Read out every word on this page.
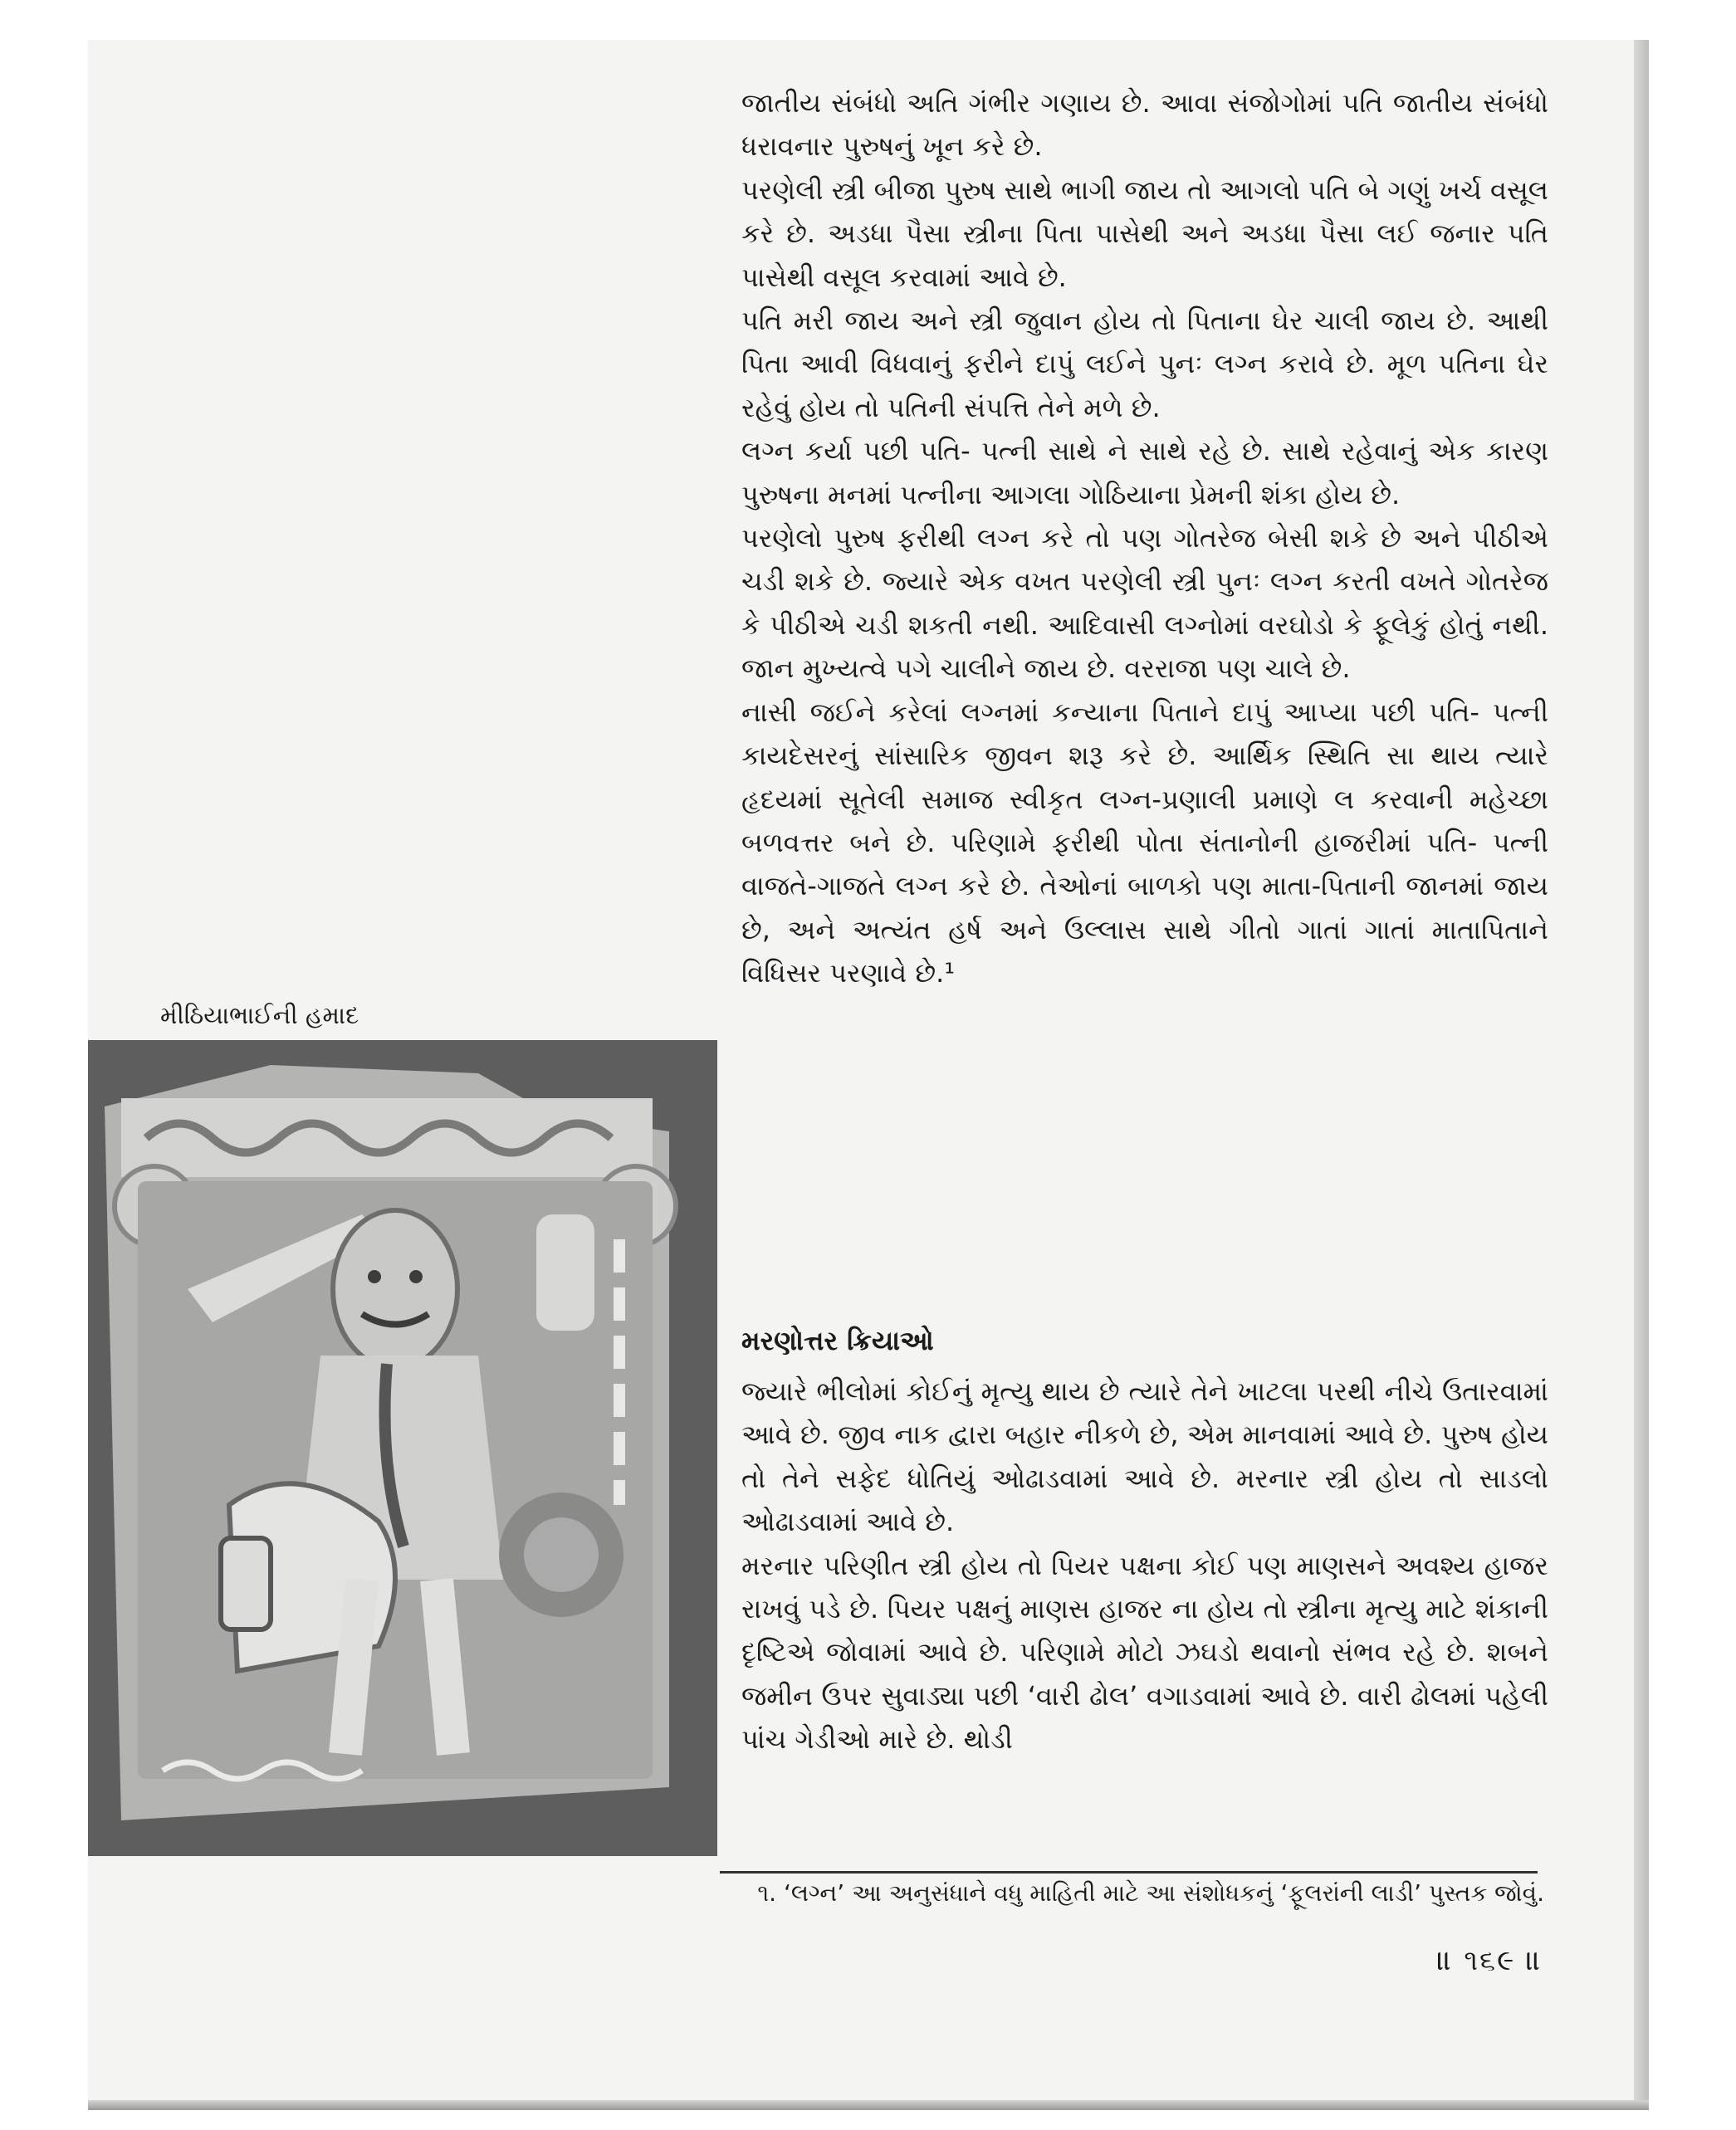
જાતીય સંબંધો અતિ ગંભીર ગણાય છે. આવા સંજોગોમાં પતિ જાતીય સંબંધો ધરાવનાર પુરુષનું ખૂન કરે છે.

પરણેલી સ્ત્રી બીજા પુરુષ સાથે ભાગી જાય તો આગલો પતિ બે ગણું ખર્ચ વસૂલ કરે છે. અડધા પૈસા સ્ત્રીના પિતા પાસેથી અને અડધા પૈસા લઈ જનાર પતિ પાસેથી વસૂલ કરવામાં આવે છે.

પતિ મરી જાય અને સ્ત્રી જુવાન હોય તો પિતાના ઘેર ચાલી જાય છે. આથી પિતા આવી વિધવાનું ફરીને દાપું લઈને પુનઃ લગ્ન કરાવે છે. મૂળ પતિના ઘેર રહેવું હોય તો પતિની સંપત્તિ તેને મળે છે.

લગ્ન કર્યા પછી પતિ- પત્ની સાથે ને સાથે રહે છે. સાથે રહેવાનું એક કારણ પુરુષના મનમાં પત્નીના આગલા ગોઠિયાના પ્રેમની શંકા હોય છે.

પરણેલો પુરુષ ફરીથી લગ્ન કરે તો પણ ગોતરેજ બેસી શકે છે અને પીઠીએ ચડી શકે છે. જ્યારે એક વખત પરણેલી સ્ત્રી પુનઃ લગ્ન કરતી વખતે ગોતરેજ કે પીઠીએ ચડી શકતી નથી. આદિવાસી લગ્નોમાં વરઘોડો કે ફૂલેકું હોતું નથી. જાન મુખ્યત્વે પગે ચાલીને જાય છે. વરરાજા પણ ચાલે છે.

નાસી જઈને કરેલાં લગ્નમાં કન્યાના પિતાને દાપું આપ્યા પછી પતિ- પત્ની કાયદેસરનું સાંસારિક જીવન શરૂ કરે છે. આર્થિક સ્થિતિ સા થાય ત્યારે હૃદયમાં સૂતેલી સમાજ સ્વીકૃત લગ્ન-પ્રણાલી પ્રમાણે લ કરવાની મહેચ્છા બળવત્તર બને છે. પરિણામે ફરીથી પોતા સંતાનોની હાજરીમાં પતિ- પત્ની વાજતે-ગાજતે લગ્ન કરે છે. તેઓનાં બાળકો પણ માતા-પિતાની જાનમાં જાય છે, અને અત્યંત હર્ષ અને ઉલ્લાસ સાથે ગીતો ગાતાં ગાતાં માતાપિતાને વિધિસર પરણાવે છે.¹

મરણોત્તર ક્રિયાઓ

જ્યારે ભીલોમાં કોઈનું મૃત્યુ થાય છે ત્યારે તેને ખાટલા પરથી નીચે ઉતારવામાં આવે છે. જીવ નાક દ્વારા બહાર નીકળે છે, એમ માનવામાં આવે છે. પુરુષ હોય તો તેને સફેદ ધોતિયું ઓઢાડવામાં આવે છે. મરનાર સ્ત્રી હોય તો સાડલો ઓઢાડવામાં આવે છે.

મરનાર પરિણીત સ્ત્રી હોય તો પિયર પક્ષના કોઈ પણ માણસને અવશ્ય હાજર રાખવું પડે છે. પિયર પક્ષનું માણસ હાજર ના હોય તો સ્ત્રીના મૃત્યુ માટે શંકાની દૃષ્ટિએ જોવામાં આવે છે. પરિણામે મોટો ઝઘડો થવાનો સંભવ રહે છે. શબને જમીન ઉપર સુવાડ્યા પછી ‘વારી ઢોલ’ વગાડવામાં આવે છે. વારી ઢોલમાં પહેલી પાંચ ગેડીઓ મારે છે. થોડી

મીઠિયાભાઈની હમાદ
૧. ‘લગ્ન’ આ અનુસંધાને વધુ માહિતી માટે આ સંશોધકનું ‘ફૂલરાંની લાડી’ પુસ્તક જોવું.
॥ ૧૬૯ ॥
